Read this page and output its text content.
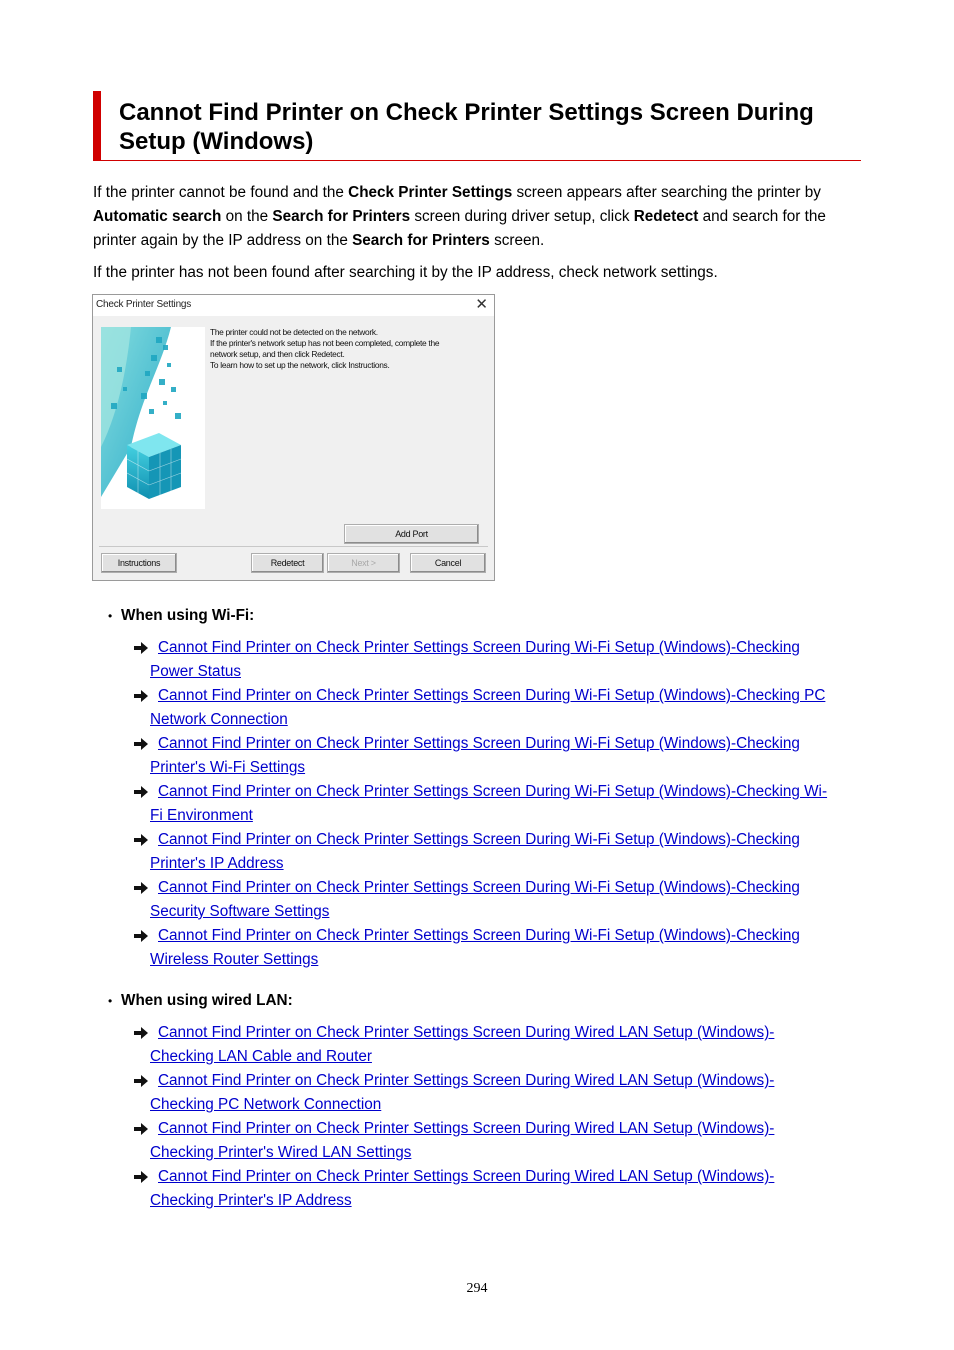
Cannot Find Printer on Check Printer Settings Screen During Setup (Windows)

If the printer cannot be found and the Check Printer Settings screen appears after searching the printer by Automatic search on the Search for Printers screen during driver setup, click Redetect and search for the printer again by the IP address on the Search for Printers screen.

If the printer has not been found after searching it by the IP address, check network settings.

Check Printer Settings	✕
The printer could not be detected on the network.
If the printer's network setup has not been completed, complete the
network setup, and then click Redetect.
To learn how to set up the network, click Instructions.
Add Port
Instructions	Redetect	Next >	Cancel
• When using Wi-Fi:
Cannot Find Printer on Check Printer Settings Screen During Wi-Fi Setup (Windows)-Checking
Power Status
Cannot Find Printer on Check Printer Settings Screen During Wi-Fi Setup (Windows)-Checking PC
Network Connection
Cannot Find Printer on Check Printer Settings Screen During Wi-Fi Setup (Windows)-Checking
Printer's Wi-Fi Settings
Cannot Find Printer on Check Printer Settings Screen During Wi-Fi Setup (Windows)-Checking Wi-
Fi Environment
Cannot Find Printer on Check Printer Settings Screen During Wi-Fi Setup (Windows)-Checking
Printer's IP Address
Cannot Find Printer on Check Printer Settings Screen During Wi-Fi Setup (Windows)-Checking
Security Software Settings
Cannot Find Printer on Check Printer Settings Screen During Wi-Fi Setup (Windows)-Checking
Wireless Router Settings
• When using wired LAN:
Cannot Find Printer on Check Printer Settings Screen During Wired LAN Setup (Windows)-
Checking LAN Cable and Router
Cannot Find Printer on Check Printer Settings Screen During Wired LAN Setup (Windows)-
Checking PC Network Connection
Cannot Find Printer on Check Printer Settings Screen During Wired LAN Setup (Windows)-
Checking Printer's Wired LAN Settings
Cannot Find Printer on Check Printer Settings Screen During Wired LAN Setup (Windows)-
Checking Printer's IP Address
294
